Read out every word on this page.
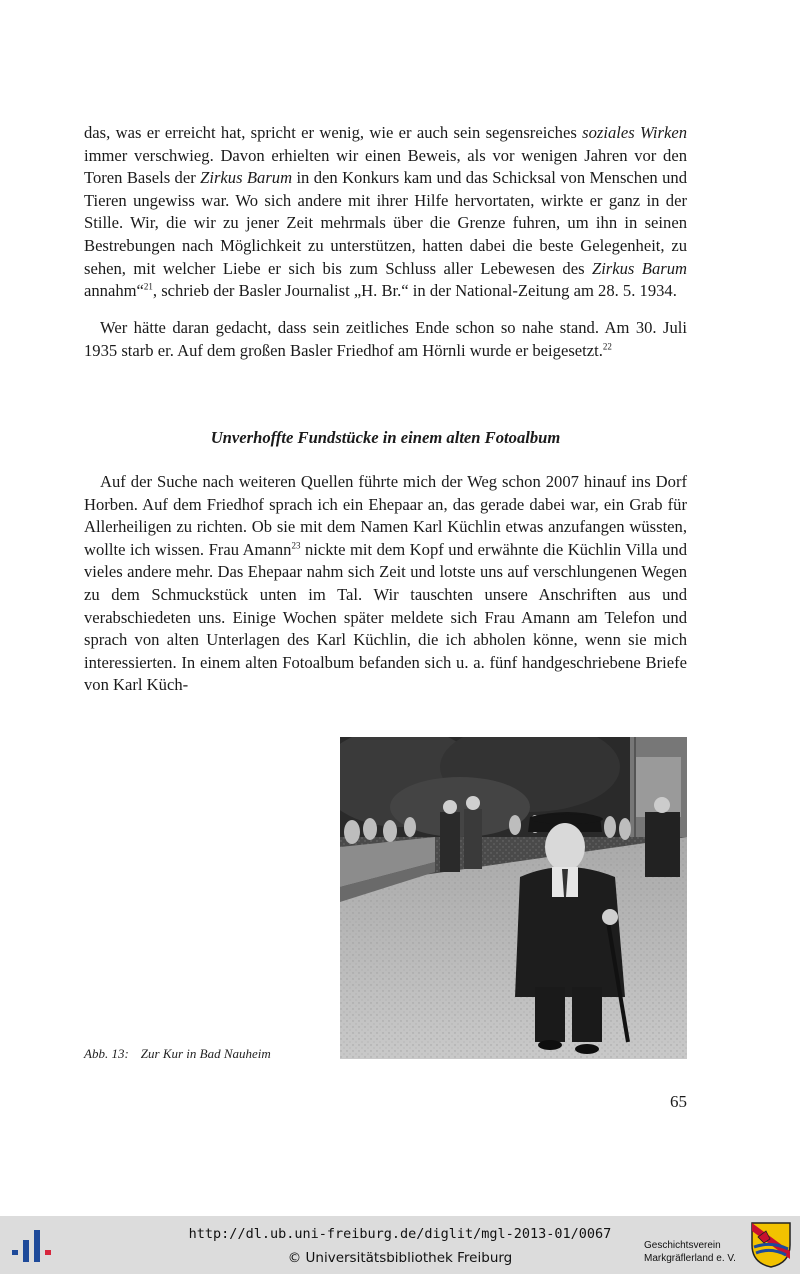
das, was er erreicht hat, spricht er wenig, wie er auch sein segensreiches soziales Wirken immer verschwieg. Davon erhielten wir einen Beweis, als vor wenigen Jahren vor den Toren Basels der Zirkus Barum in den Konkurs kam und das Schicksal von Menschen und Tieren ungewiss war. Wo sich andere mit ihrer Hilfe hervortaten, wirkte er ganz in der Stille. Wir, die wir zu jener Zeit mehrmals über die Grenze fuhren, um ihn in seinen Bestrebungen nach Möglichkeit zu unterstützen, hatten dabei die beste Gelegenheit, zu sehen, mit welcher Liebe er sich bis zum Schluss aller Lebewesen des Zirkus Barum annahm“$^{21}$, schrieb der Basler Journalist „H. Br.“ in der National-Zeitung am 28. 5. 1934.

Wer hätte daran gedacht, dass sein zeitliches Ende schon so nahe stand. Am 30. Juli 1935 starb er. Auf dem großen Basler Friedhof am Hörnli wurde er beigesetzt.$^{22}$

Unverhoffte Fundstücke in einem alten Fotoalbum

Auf der Suche nach weiteren Quellen führte mich der Weg schon 2007 hinauf ins Dorf Horben. Auf dem Friedhof sprach ich ein Ehepaar an, das gerade dabei war, ein Grab für Allerheiligen zu richten. Ob sie mit dem Namen Karl Küchlin etwas anzufangen wüssten, wollte ich wissen. Frau Amann$^{23}$ nickte mit dem Kopf und erwähnte die Küchlin Villa und vieles andere mehr. Das Ehepaar nahm sich Zeit und lotste uns auf verschlungenen Wegen zu dem Schmuckstück unten im Tal. Wir tauschten unsere Anschriften aus und verabschiedeten uns. Einige Wochen später meldete sich Frau Amann am Telefon und sprach von alten Unterlagen des Karl Küchlin, die ich abholen könne, wenn sie mich interessierten. In einem alten Fotoalbum befanden sich u. a. fünf handgeschriebene Briefe von Karl Küch-

Abb. 13: Zur Kur in Bad Nauheim
65
http://dl.ub.uni-freiburg.de/diglit/mgl-2013-01/0067
© Universitätsbibliothek Freiburg
Geschichtsverein
Markgräflerland e. V.
